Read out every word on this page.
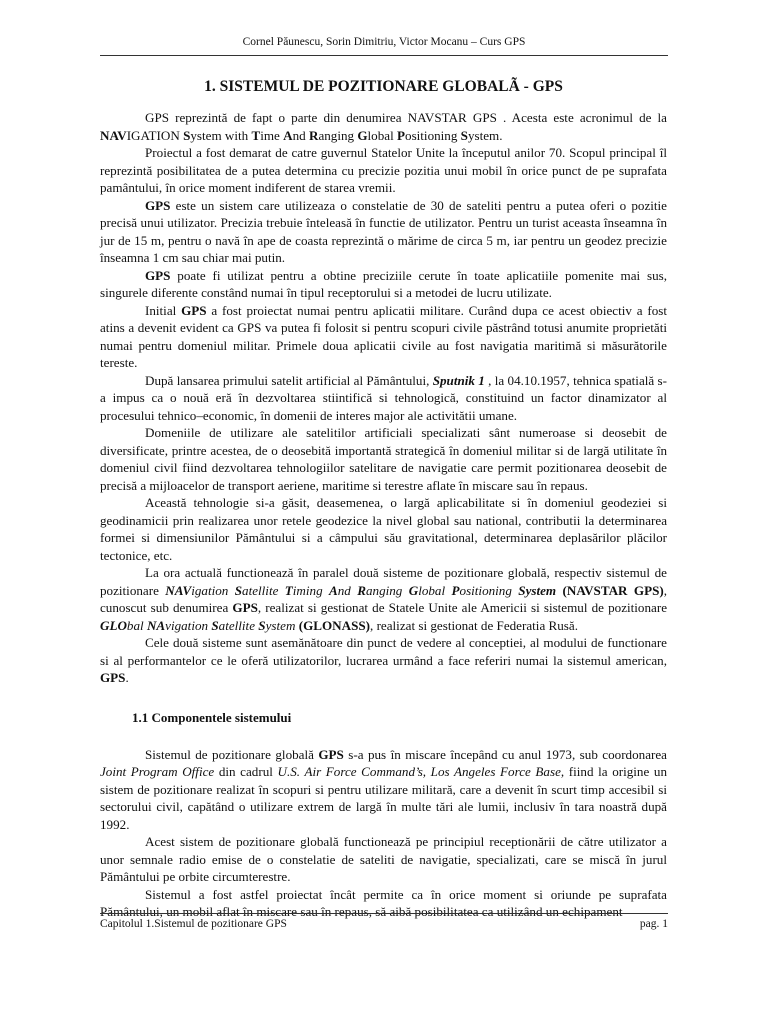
Cornel Păunescu, Sorin Dimitriu, Victor Mocanu – Curs GPS
1. SISTEMUL DE POZITIONARE GLOBALÃ - GPS

GPS reprezintă de fapt o parte din denumirea NAVSTAR GPS . Acesta este acronimul de la NAVIGATION System with Time And Ranging Global Positioning System.

Proiectul a fost demarat de catre guvernul Statelor Unite la începutul anilor 70. Scopul principal îl reprezintă posibilitatea de a putea determina cu precizie pozitia unui mobil în orice punct de pe suprafata pamântului, în orice moment indiferent de starea vremii.

GPS este un sistem care utilizeaza o constelatie de 30 de sateliti pentru a putea oferi o pozitie precisă unui utilizator. Precizia trebuie înteleasă în functie de utilizator. Pentru un turist aceasta înseamna în jur de 15 m, pentru o navă în ape de coasta reprezintă o mărime de circa 5 m, iar pentru un geodez precizie înseamna 1 cm sau chiar mai putin.

GPS poate fi utilizat pentru a obtine preciziile cerute în toate aplicatiile pomenite mai sus, singurele diferente constând numai în tipul receptorului si a metodei de lucru utilizate.

Initial GPS a fost proiectat numai pentru aplicatii militare. Curând dupa ce acest obiectiv a fost atins a devenit evident ca GPS va putea fi folosit si pentru scopuri civile păstrând totusi anumite proprietăti numai pentru domeniul militar. Primele doua aplicatii civile au fost navigatia maritimă si măsurătorile tereste.

După lansarea primului satelit artificial al Pământului, Sputnik 1 , la 04.10.1957, tehnica spatială s-a impus ca o nouă eră în dezvoltarea stiintifică si tehnologică, constituind un factor dinamizator al procesului tehnico–economic, în domenii de interes major ale activitătii umane.

Domeniile de utilizare ale satelitilor artificiali specializati sânt numeroase si deosebit de diversificate, printre acestea, de o deosebită importantă strategică în domeniul militar si de largă utilitate în domeniul civil fiind dezvoltarea tehnologiilor satelitare de navigatie care permit pozitionarea deosebit de precisă a mijloacelor de transport aeriene, maritime si terestre aflate în miscare sau în repaus.

Această tehnologie si-a găsit, deasemenea, o largă aplicabilitate si în domeniul geodeziei si geodinamicii prin realizarea unor retele geodezice la nivel global sau national, contributii la determinarea formei si dimensiunilor Pământului si a câmpului său gravitational, determinarea deplasărilor plăcilor tectonice, etc.

La ora actuală functionează în paralel două sisteme de pozitionare globală, respectiv sistemul de pozitionare NAVigation Satellite Timing And Ranging Global Positioning System (NAVSTAR GPS), cunoscut sub denumirea GPS, realizat si gestionat de Statele Unite ale Americii si sistemul de pozitionare GLObal NAvigation Satellite System (GLONASS), realizat si gestionat de Federatia Rusă.

Cele două sisteme sunt asemănătoare din punct de vedere al conceptiei, al modului de functionare si al performantelor ce le oferă utilizatorilor, lucrarea urmând a face referiri numai la sistemul american, GPS.

1.1 Componentele sistemului

Sistemul de pozitionare globală GPS s-a pus în miscare începând cu anul 1973, sub coordonarea Joint Program Office din cadrul U.S. Air Force Command’s, Los Angeles Force Base, fiind la origine un sistem de pozitionare realizat în scopuri si pentru utilizare militară, care a devenit în scurt timp accesibil si sectorului civil, capătând o utilizare extrem de largă în multe tări ale lumii, inclusiv în tara noastră după 1992.

Acest sistem de pozitionare globală functionează pe principiul receptionării de către utilizator a unor semnale radio emise de o constelatie de sateliti de navigatie, specializati, care se miscă în jurul Pământului pe orbite circumterestre.

Sistemul a fost astfel proiectat încât permite ca în orice moment si oriunde pe suprafata Pământului, un mobil aflat în miscare sau în repaus, să aibă posibilitatea ca utilizând un echipament

Capitolul 1.Sistemul de pozitionare GPS	pag. 1
